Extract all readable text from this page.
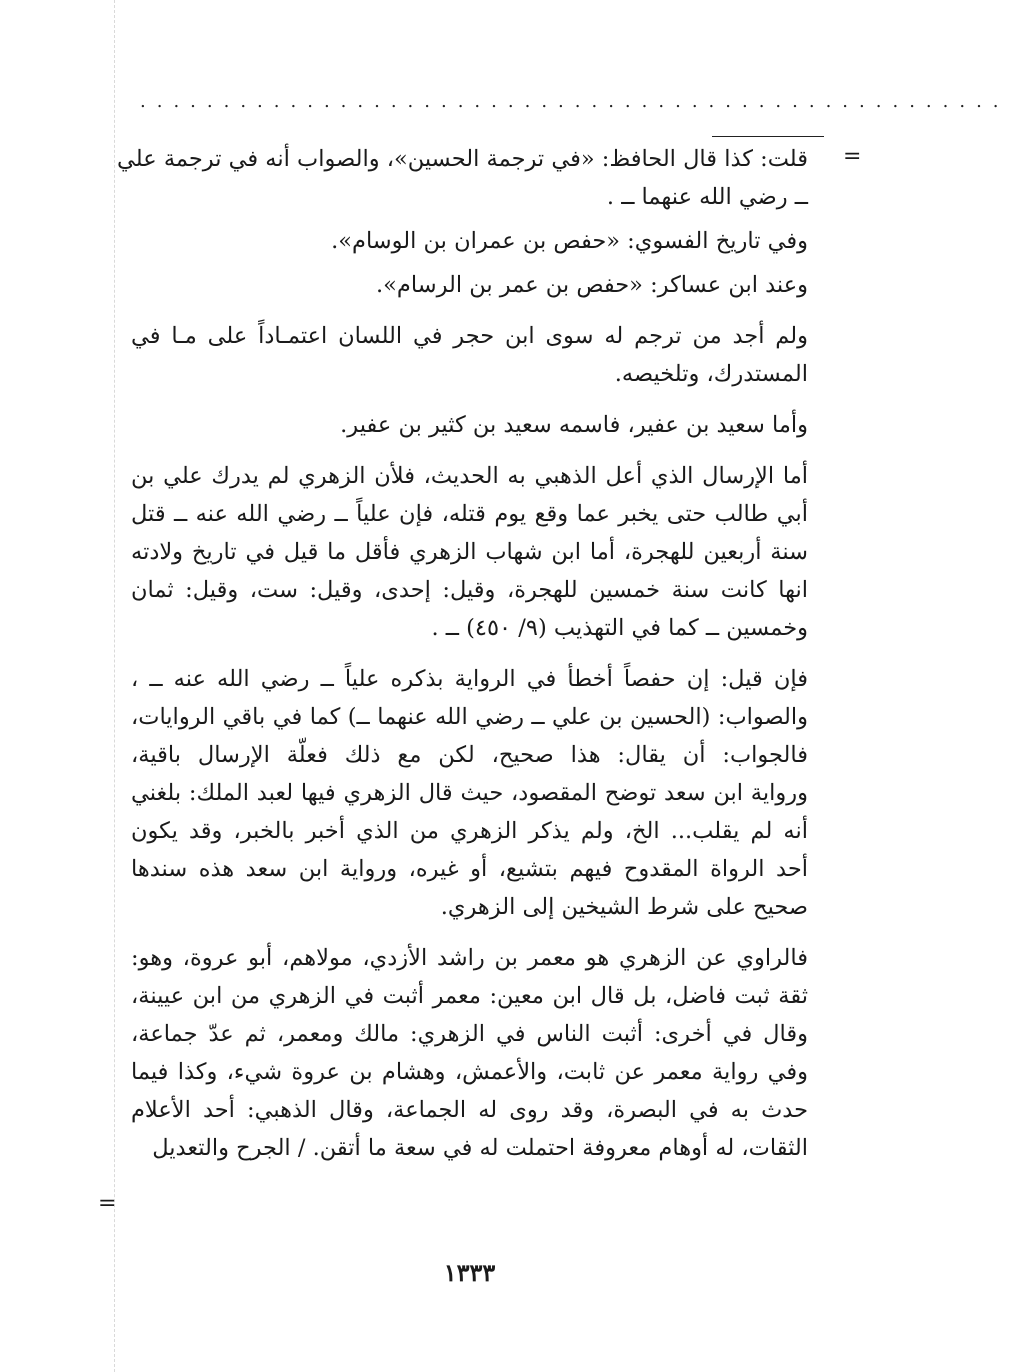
....................................................
=
=
قلت: كذا قال الحافظ: «في ترجمة الحسين»، والصواب أنه في ترجمة علي
ــ رضي الله عنهما ــ .
وفي تاريخ الفسوي: «حفص بن عمران بن الوسام».
وعند ابن عساكر: «حفص بن عمر بن الرسام».
ولم أجد من ترجم له سوى ابن حجر في اللسان اعتمـاداً على مـا في
المستدرك، وتلخيصه.
وأما سعيد بن عفير، فاسمه سعيد بن كثير بن عفير.
أما الإرسال الذي أعل الذهبي به الحديث، فلأن الزهري لم يدرك علي بن
أبي طالب حتى يخبر عما وقع يوم قتله، فإن علياً ــ رضي الله عنه ــ قتل
سنة أربعين للهجرة، أما ابن شهاب الزهري فأقل ما قيل في تاريخ ولادته
انها كانت سنة خمسين للهجرة، وقيل: إحدى، وقيل: ست، وقيل: ثمان
وخمسين ــ كما في التهذيب (٩/ ٤٥٠) ــ .
فإن قيل: إن حفصاً أخطأ في الرواية بذكره علياً ــ رضي الله عنه ــ ،
والصواب: (الحسين بن علي ــ رضي الله عنهما ــ) كما في باقي الروايات،
فالجواب: أن يقال: هذا صحيح، لكن مع ذلك فعلّة الإرسال باقية،
ورواية ابن سعد توضح المقصود، حيث قال الزهري فيها لعبد الملك: بلغني
أنه لم يقلب... الخ، ولم يذكر الزهري من الذي أخبر بالخبر، وقد يكون
أحد الرواة المقدوح فيهم بتشيع، أو غيره، ورواية ابن سعد هذه سندها
صحيح على شرط الشيخين إلى الزهري.
فالراوي عن الزهري هو معمر بن راشد الأزدي، مولاهم، أبو عروة، وهو:
ثقة ثبت فاضل، بل قال ابن معين: معمر أثبت في الزهري من ابن عيينة،
وقال في أخرى: أثبت الناس في الزهري: مالك ومعمر، ثم عدّ جماعة،
وفي رواية معمر عن ثابت، والأعمش، وهشام بن عروة شيء، وكذا فيما
حدث به في البصرة، وقد روى له الجماعة، وقال الذهبي: أحد الأعلام
الثقات، له أوهام معروفة احتملت له في سعة ما أتقن. / الجرح والتعديل
١٣٣٣
